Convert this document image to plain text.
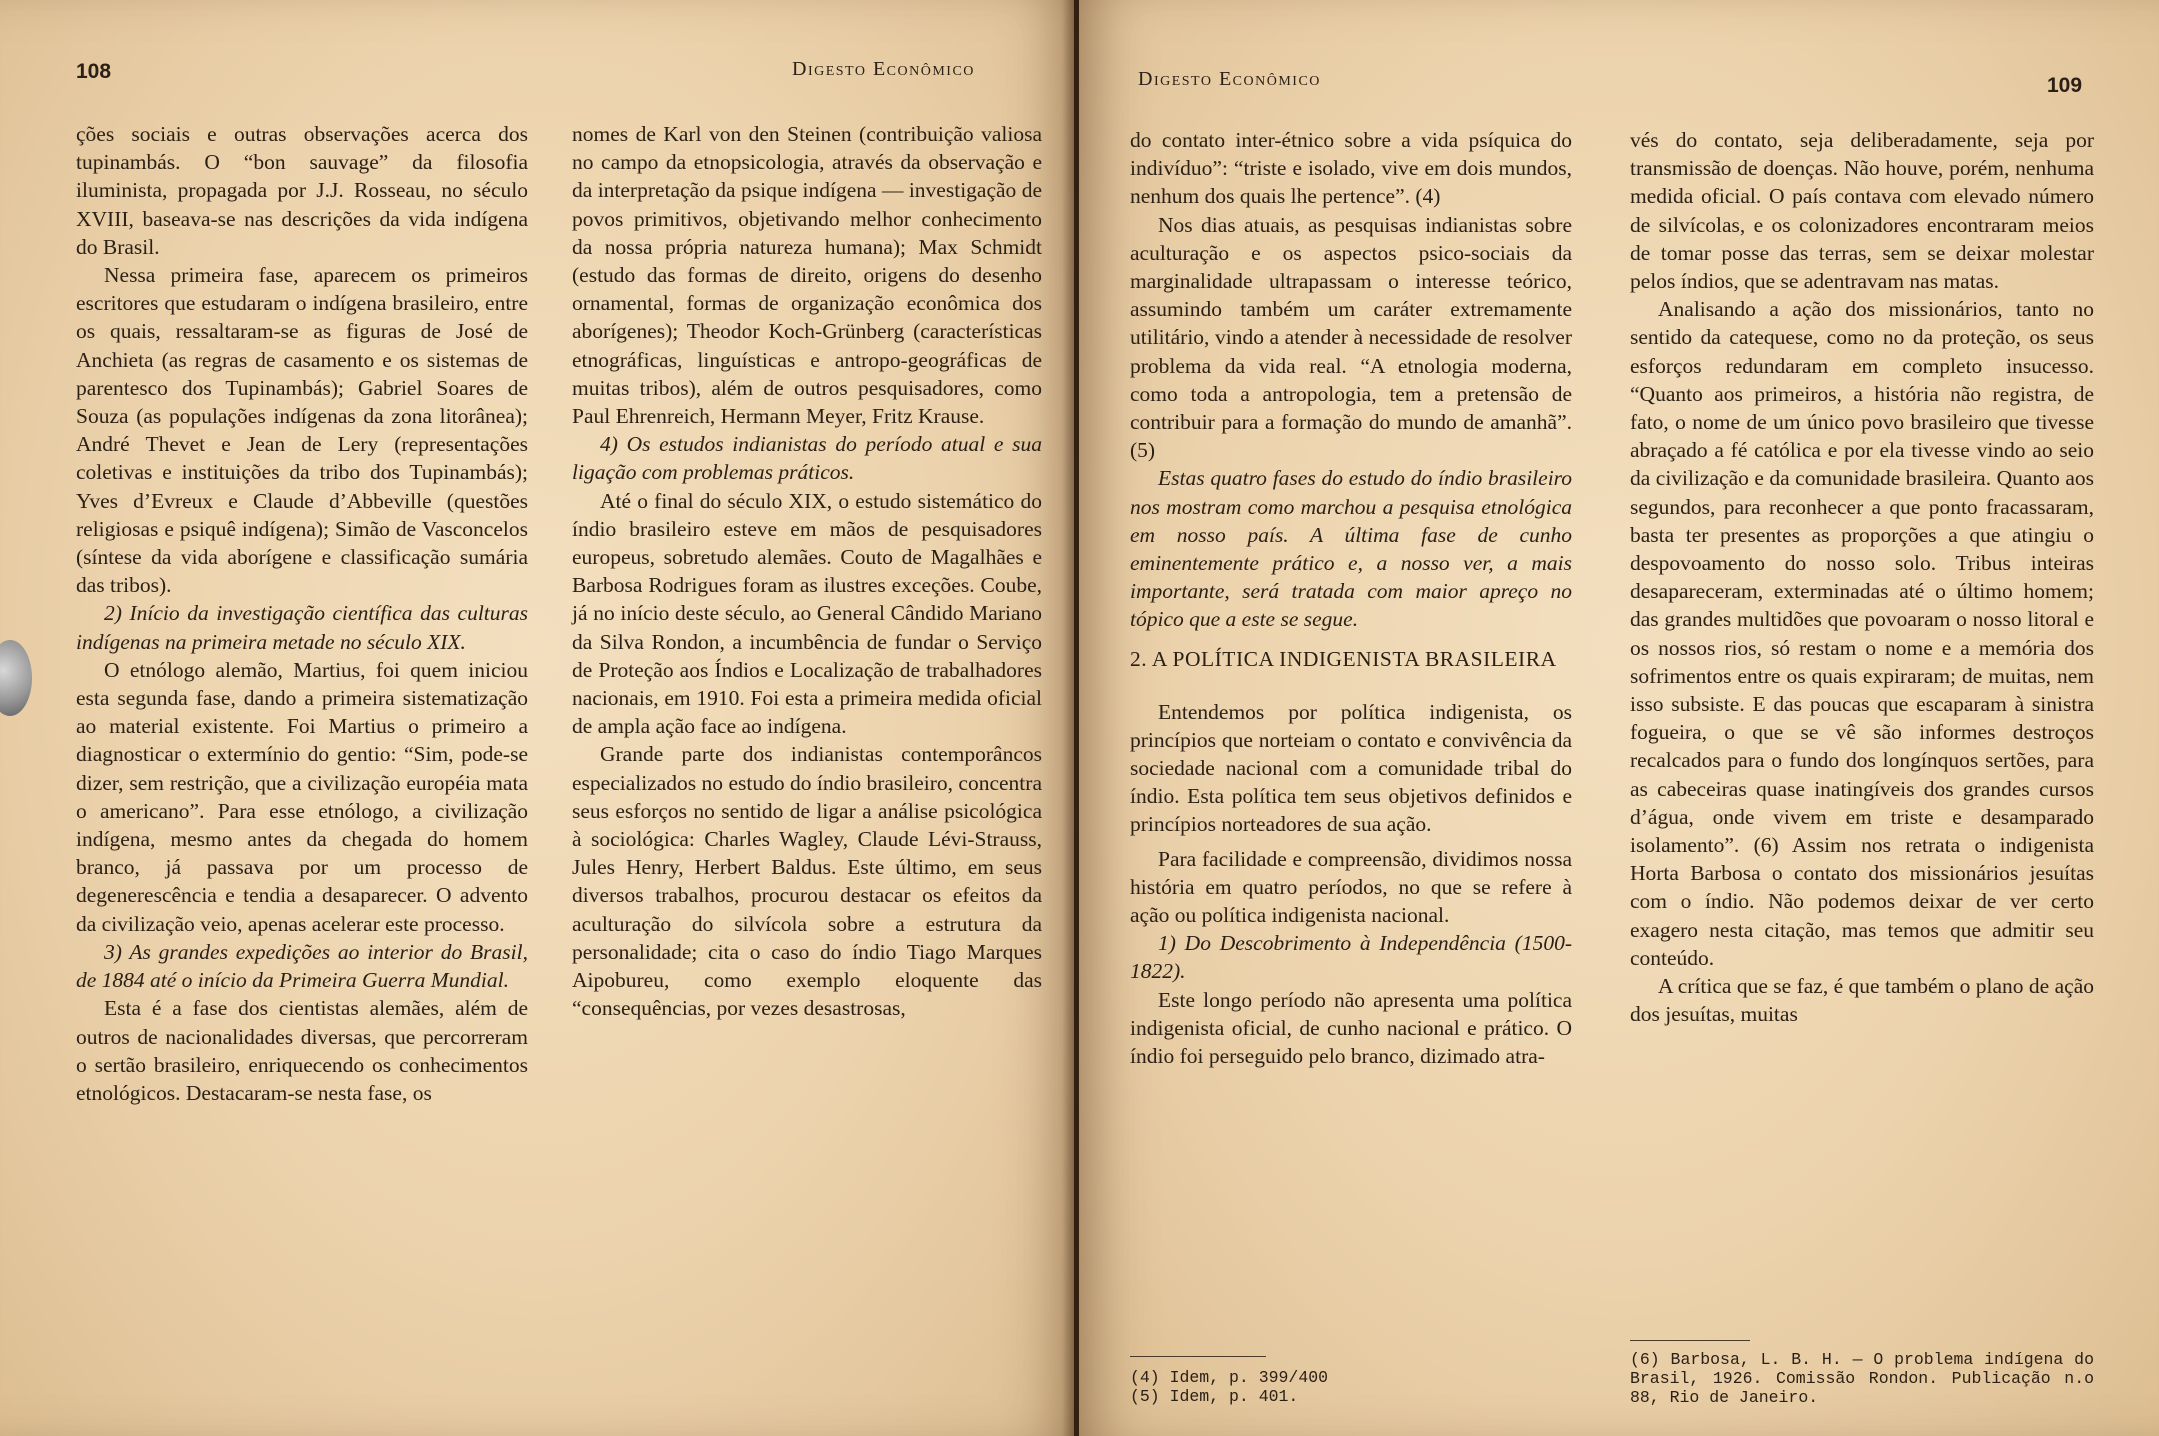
108	Digesto Econômico

ções sociais e outras observações acerca dos tupinambás. O “bon sauvage” da filosofia iluminista, propagada por J.J. Rosseau, no século XVIII, baseava-se nas descrições da vida indígena do Brasil.

Nessa primeira fase, aparecem os primeiros escritores que estudaram o indígena brasileiro, entre os quais, ressaltaram-se as figuras de José de Anchieta (as regras de casamento e os sistemas de parentesco dos Tupinambás); Gabriel Soares de Souza (as populações indígenas da zona litorânea); André Thevet e Jean de Lery (representações coletivas e instituições da tribo dos Tupinambás); Yves d’Evreux e Claude d’Abbeville (questões religiosas e psiquê indígena); Simão de Vasconcelos (síntese da vida aborígene e classificação sumária das tribos).

2) Início da investigação científica das culturas indígenas na primeira metade no século XIX.

O etnólogo alemão, Martius, foi quem iniciou esta segunda fase, dando a primeira sistematização ao material existente. Foi Martius o primeiro a diagnosticar o extermínio do gentio: “Sim, pode-se dizer, sem restrição, que a civilização européia mata o americano”. Para esse etnólogo, a civilização indígena, mesmo antes da chegada do homem branco, já passava por um processo de degenerescência e tendia a desaparecer. O advento da civilização veio, apenas acelerar este processo.

3) As grandes expedições ao interior do Brasil, de 1884 até o início da Primeira Guerra Mundial.

Esta é a fase dos cientistas alemães, além de outros de nacionalidades diversas, que percorreram o sertão brasileiro, enriquecendo os conhecimentos etnológicos. Destacaram-se nesta fase, os

nomes de Karl von den Steinen (contribuição valiosa no campo da etnopsicologia, através da observação e da interpretação da psique indígena — investigação de povos primitivos, objetivando melhor conhecimento da nossa própria natureza humana); Max Schmidt (estudo das formas de direito, origens do desenho ornamental, formas de organização econômica dos aborígenes); Theodor Koch-Grünberg (características etnográficas, linguísticas e antropo-geográficas de muitas tribos), além de outros pesquisadores, como Paul Ehrenreich, Hermann Meyer, Fritz Krause.

4) Os estudos indianistas do período atual e sua ligação com problemas práticos.

Até o final do século XIX, o estudo sistemático do índio brasileiro esteve em mãos de pesquisadores europeus, sobretudo alemães. Couto de Magalhães e Barbosa Rodrigues foram as ilustres exceções. Coube, já no início deste século, ao General Cândido Mariano da Silva Rondon, a incumbência de fundar o Serviço de Proteção aos Índios e Localização de trabalhadores nacionais, em 1910. Foi esta a primeira medida oficial de ampla ação face ao indígena.

Grande parte dos indianistas contemporâncos especializados no estudo do índio brasileiro, concentra seus esforços no sentido de ligar a análise psicológica à sociológica: Charles Wagley, Claude Lévi-Strauss, Jules Henry, Herbert Baldus. Este último, em seus diversos trabalhos, procurou destacar os efeitos da aculturação do silvícola sobre a estrutura da personalidade; cita o caso do índio Tiago Marques Aipobureu, como exemplo eloquente das “consequências, por vezes desastrosas,

Digesto Econômico	109

do contato inter-étnico sobre a vida psíquica do indivíduo”: “triste e isolado, vive em dois mundos, nenhum dos quais lhe pertence”. (4)

Nos dias atuais, as pesquisas indianistas sobre aculturação e os aspectos psico-sociais da marginalidade ultrapassam o interesse teórico, assumindo também um caráter extremamente utilitário, vindo a atender à necessidade de resolver problema da vida real. “A etnologia moderna, como toda a antropologia, tem a pretensão de contribuir para a formação do mundo de amanhã”. (5)

Estas quatro fases do estudo do índio brasileiro nos mostram como marchou a pesquisa etnológica em nosso país. A última fase de cunho eminentemente prático e, a nosso ver, a mais importante, será tratada com maior apreço no tópico que a este se segue.

2. A POLÍTICA INDIGENISTA BRASILEIRA

Entendemos por política indigenista, os princípios que norteiam o contato e convivência da sociedade nacional com a comunidade tribal do índio. Esta política tem seus objetivos definidos e princípios norteadores de sua ação.

Para facilidade e compreensão, dividimos nossa história em quatro períodos, no que se refere à ação ou política indigenista nacional.

1) Do Descobrimento à Independência (1500-1822).

Este longo período não apresenta uma política indigenista oficial, de cunho nacional e prático. O índio foi perseguido pelo branco, dizimado atra-

vés do contato, seja deliberadamente, seja por transmissão de doenças. Não houve, porém, nenhuma medida oficial. O país contava com elevado número de silvícolas, e os colonizadores encontraram meios de tomar posse das terras, sem se deixar molestar pelos índios, que se adentravam nas matas.

Analisando a ação dos missionários, tanto no sentido da catequese, como no da proteção, os seus esforços redundaram em completo insucesso. “Quanto aos primeiros, a história não registra, de fato, o nome de um único povo brasileiro que tivesse abraçado a fé católica e por ela tivesse vindo ao seio da civilização e da comunidade brasileira. Quanto aos segundos, para reconhecer a que ponto fracassaram, basta ter presentes as proporções a que atingiu o despovoamento do nosso solo. Tribus inteiras desapareceram, exterminadas até o último homem; das grandes multidões que povoaram o nosso litoral e os nossos rios, só restam o nome e a memória dos sofrimentos entre os quais expiraram; de muitas, nem isso subsiste. E das poucas que escaparam à sinistra fogueira, o que se vê são informes destroços recalcados para o fundo dos longínquos sertões, para as cabeceiras quase inatingíveis dos grandes cursos d’água, onde vivem em triste e desamparado isolamento”. (6) Assim nos retrata o indigenista Horta Barbosa o contato dos missionários jesuítas com o índio. Não podemos deixar de ver certo exagero nesta citação, mas temos que admitir seu conteúdo.

A crítica que se faz, é que também o plano de ação dos jesuítas, muitas

(4) Idem, p. 399/400
(5) Idem, p. 401.
(6) Barbosa, L. B. H. — O problema indígena do Brasil, 1926. Comissão Rondon. Publicação n.o 88, Rio de Janeiro.
